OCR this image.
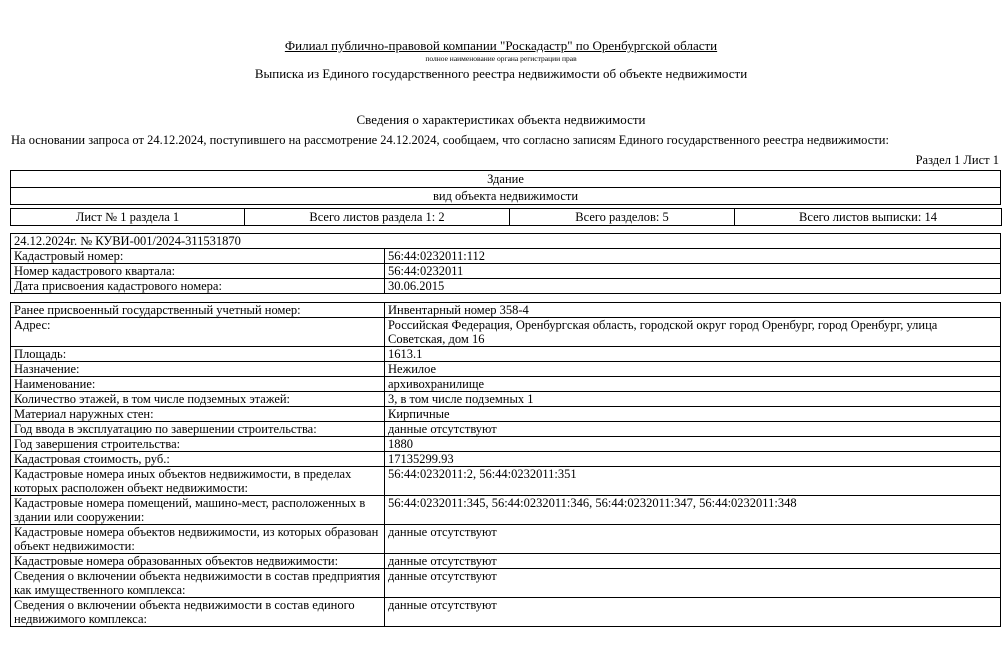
Филиал публично-правовой компании "Роскадастр" по Оренбургской области
полное наименование органа регистрации прав
Выписка из Единого государственного реестра недвижимости об объекте недвижимости
Сведения о характеристиках объекта недвижимости
На основании запроса от 24.12.2024, поступившего на рассмотрение 24.12.2024, сообщаем, что согласно записям Единого государственного реестра недвижимости:
Раздел 1 Лист 1
Здание
вид объекта недвижимости
Лист № 1 раздела 1	Всего листов раздела 1: 2	Всего разделов: 5	Всего листов выписки: 14
24.12.2024г. № КУВИ-001/2024-311531870	
Кадастровый номер:	56:44:0232011:112
Номер кадастрового квартала:	56:44:0232011
Дата присвоения кадастрового номера:	30.06.2015

Ранее присвоенный государственный учетный номер:	Инвентарный номер 358-4
Адрес:	Российская Федерация, Оренбургская область, городской округ город Оренбург, город Оренбург, улица Советская, дом 16
Площадь:	1613.1
Назначение:	Нежилое
Наименование:	архивохранилище
Количество этажей, в том числе подземных этажей:	3, в том числе подземных 1
Материал наружных стен:	Кирпичные
Год ввода в эксплуатацию по завершении строительства:	данные отсутствуют
Год завершения строительства:	1880
Кадастровая стоимость, руб.:	17135299.93
Кадастровые номера иных объектов недвижимости, в пределах которых расположен объект недвижимости:	56:44:0232011:2, 56:44:0232011:351
Кадастровые номера помещений, машино-мест, расположенных в здании или сооружении:	56:44:0232011:345, 56:44:0232011:346, 56:44:0232011:347, 56:44:0232011:348
Кадастровые номера объектов недвижимости, из которых образован объект недвижимости:	данные отсутствуют
Кадастровые номера образованных объектов недвижимости:	данные отсутствуют
Сведения о включении объекта недвижимости в состав предприятия как имущественного комплекса:	данные отсутствуют
Сведения о включении объекта недвижимости в состав единого недвижимого комплекса:	данные отсутствуют
